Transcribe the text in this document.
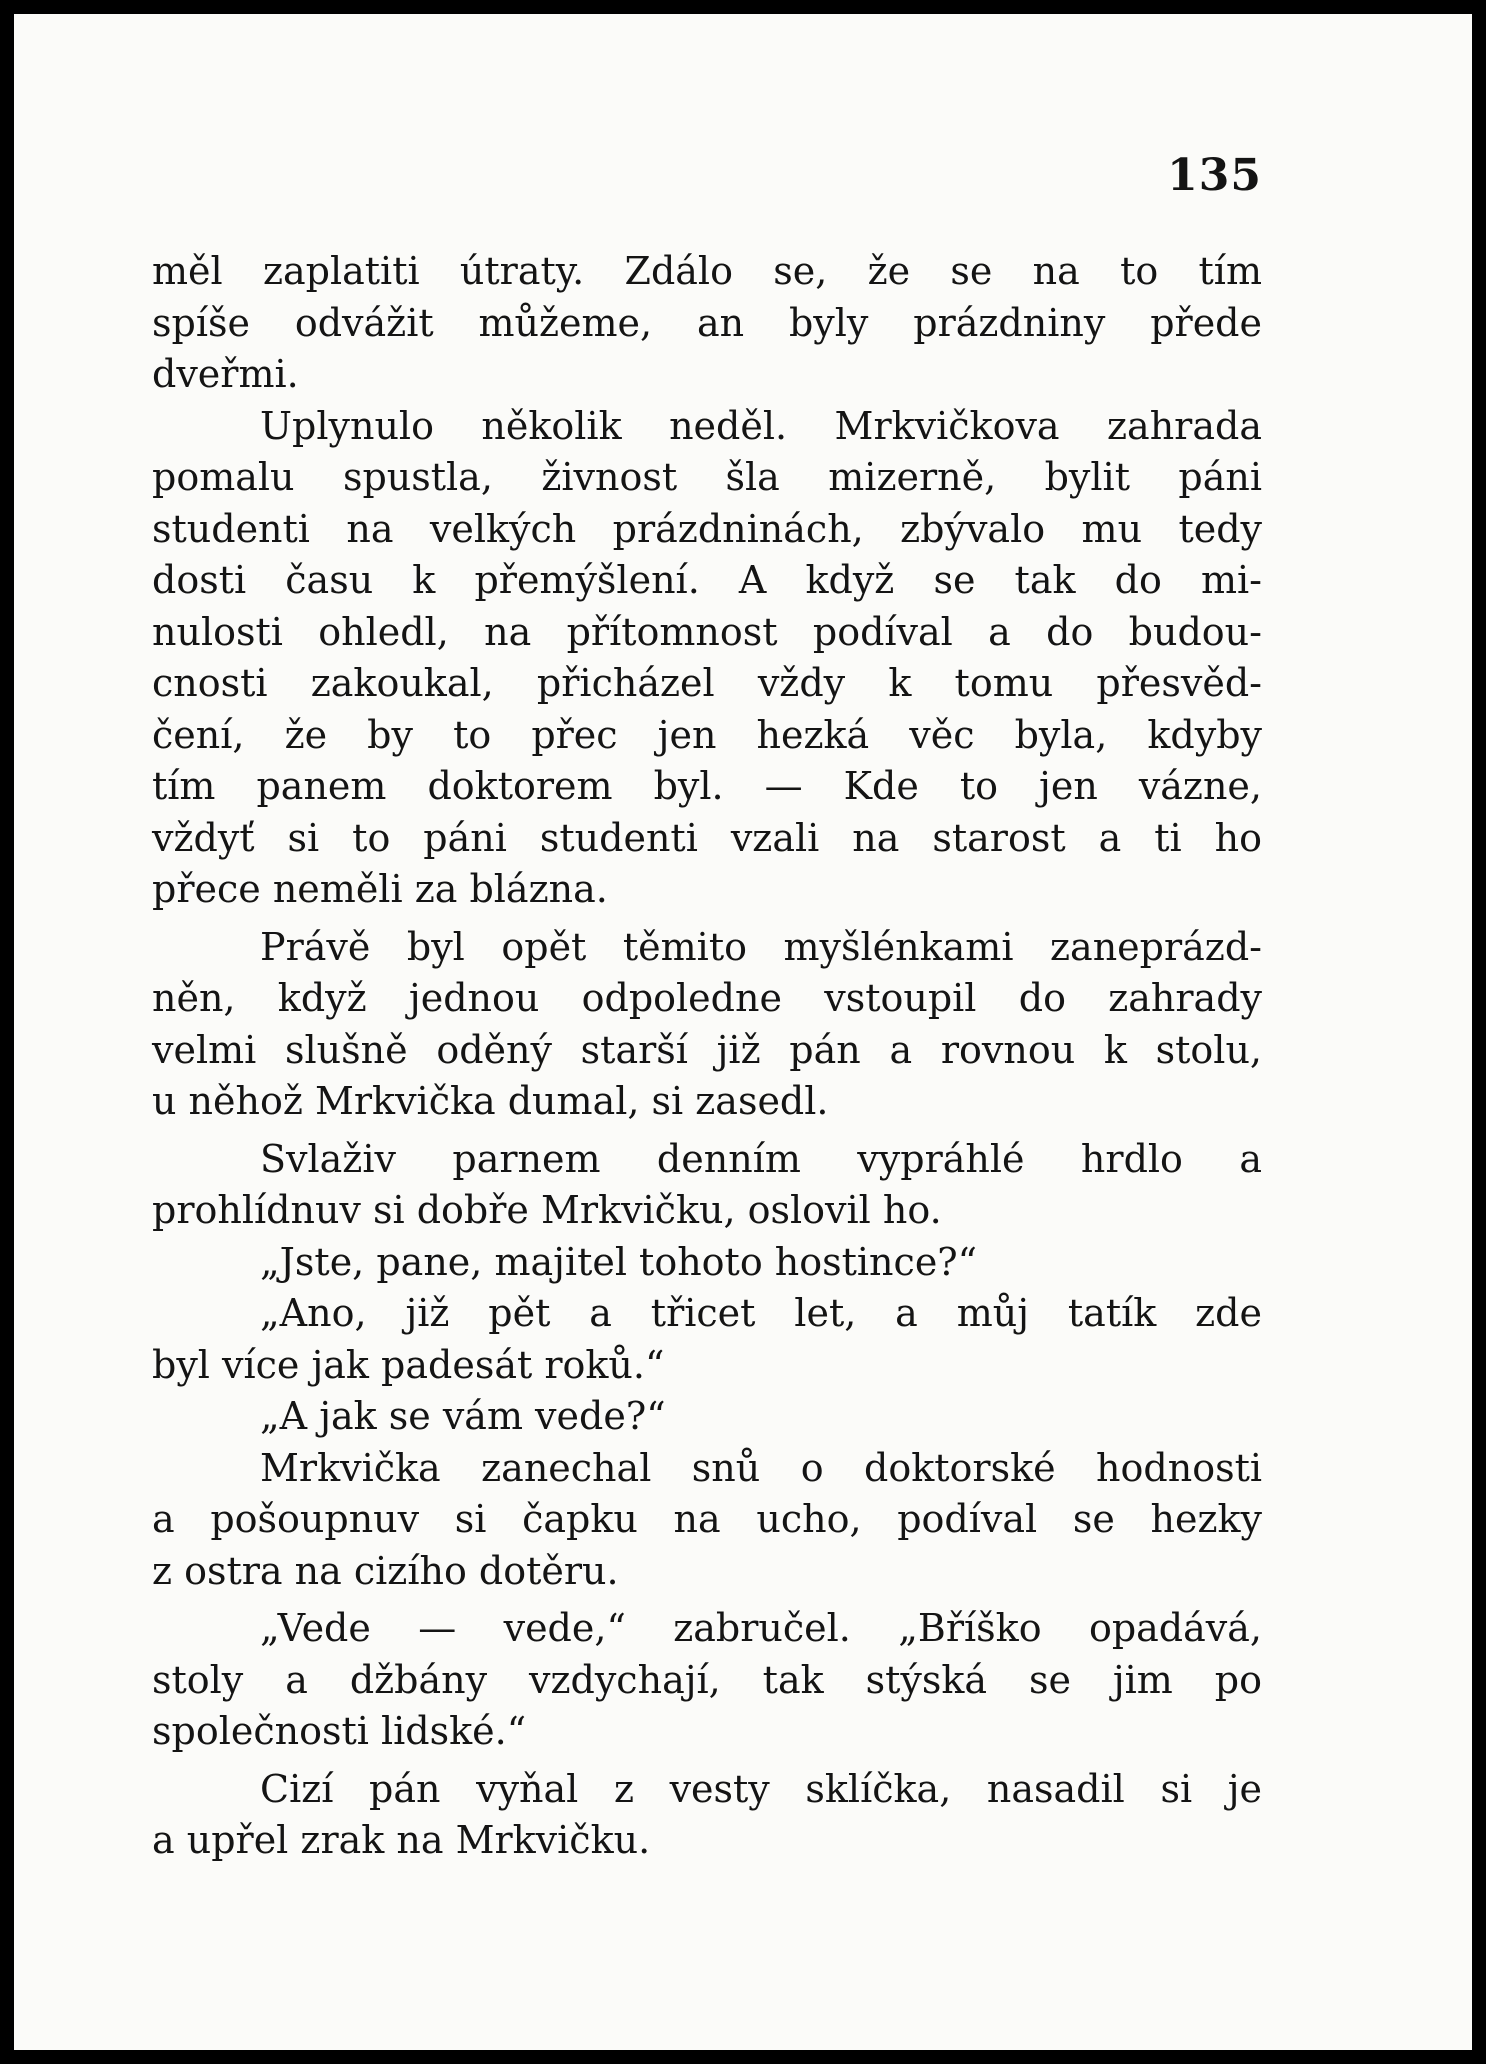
135
měl zaplatiti útraty. Zdálo se, že se na to tím
spíše odvážit můžeme, an byly prázdniny přede
dveřmi.
Uplynulo několik neděl. Mrkvičkova zahrada
pomalu spustla, živnost šla mizerně, bylit páni
studenti na velkých prázdninách, zbývalo mu tedy
dosti času k přemýšlení. A když se tak do mi-
nulosti ohledl, na přítomnost podíval a do budou-
cnosti zakoukal, přicházel vždy k tomu přesvěd-
čení, že by to přec jen hezká věc byla, kdyby
tím panem doktorem byl. — Kde to jen vázne,
vždyť si to páni studenti vzali na starost a ti ho
přece neměli za blázna.
Právě byl opět těmito myšlénkami zaneprázd-
něn, když jednou odpoledne vstoupil do zahrady
velmi slušně oděný starší již pán a rovnou k stolu,
u něhož Mrkvička dumal, si zasedl.
Svlaživ parnem denním vypráhlé hrdlo a
prohlídnuv si dobře Mrkvičku, oslovil ho.
„Jste, pane, majitel tohoto hostince?“
„Ano, již pět a třicet let, a můj tatík zde
byl více jak padesát roků.“
„A jak se vám vede?“
Mrkvička zanechal snů o doktorské hodnosti
a pošoupnuv si čapku na ucho, podíval se hezky
z ostra na cizího dotěru.
„Vede — vede,“ zabručel. „Bříško opadává,
stoly a džbány vzdychají, tak stýská se jim po
společnosti lidské.“
Cizí pán vyňal z vesty sklíčka, nasadil si je
a upřel zrak na Mrkvičku.
